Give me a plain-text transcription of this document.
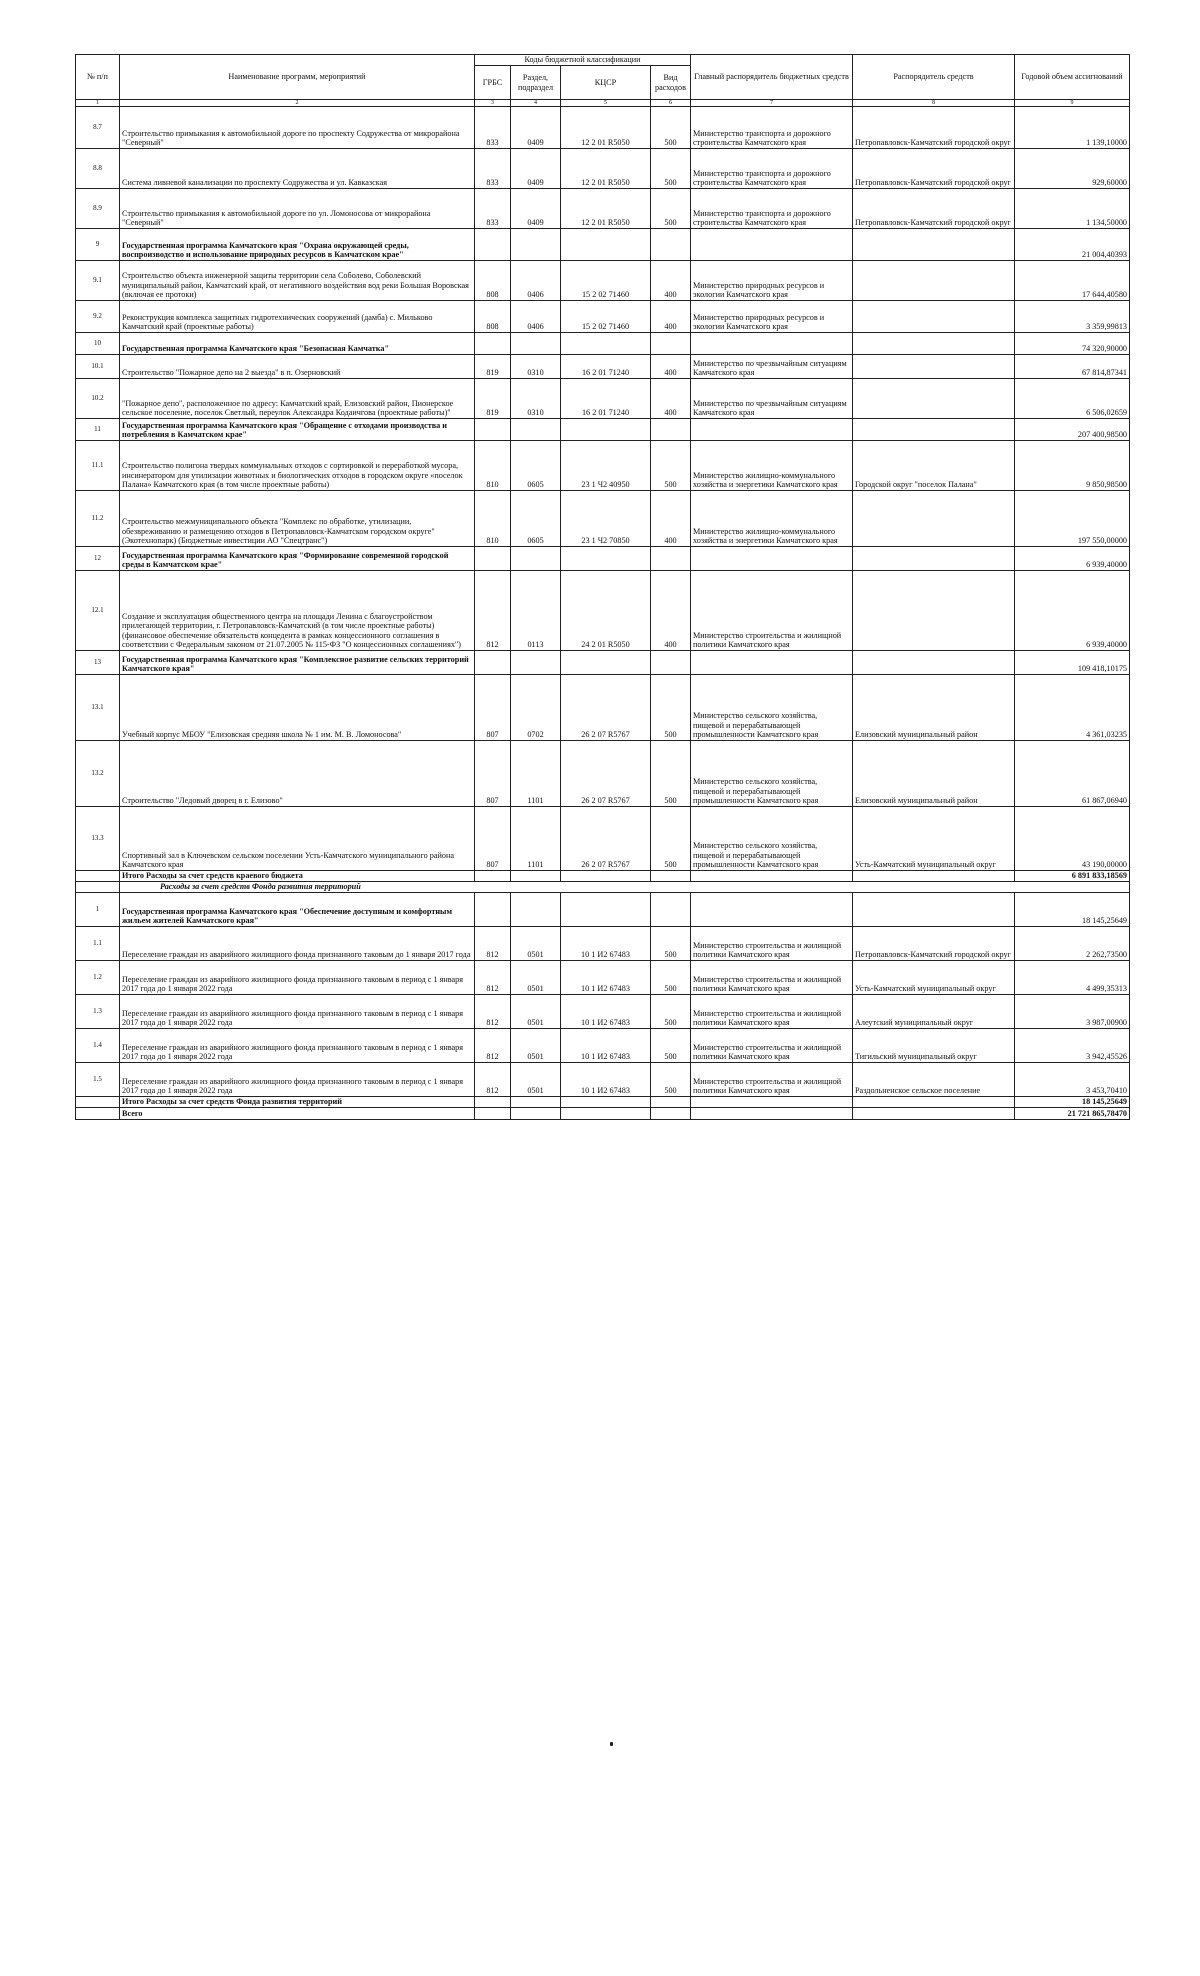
№ п/п	Наименование программ, мероприятий	Коды бюджетной классификации				Главный распорядитель бюджетных средств	Распорядитель средств	Годовой объем ассигнований
		ГРБС	Раздел, подраздел	КЦСР	Вид расходов			
1	2	3	4	5	6	7	8	9
8.7	Строительство примыкания к автомобильной дороге по проспекту Содружества от микрорайона "Северный"	833	0409	12 2 01 R5050	500	Министерство транспорта и дорожного строительства Камчатского края	Петропавловск-Камчатский городской округ	1 139,10000
8.8	Система ливневой канализации по проспекту Содружества и ул. Кавказская	833	0409	12 2 01 R5050	500	Министерство транспорта и дорожного строительства Камчатского края	Петропавловск-Камчатский городской округ	929,60000
8.9	Строительство примыкания к автомобильной дороге по ул. Ломоносова от микрорайона "Северный"	833	0409	12 2 01 R5050	500	Министерство транспорта и дорожного строительства Камчатского края	Петропавловск-Камчатский городской округ	1 134,50000
9	Государственная программа Камчатского края "Охрана окружающей среды, воспроизводство и использование природных ресурсов в Камчатском крае"							21 004,40393
9.1	Строительство объекта инженерной защиты территории села Соболево, Соболевский муниципальный район, Камчатский край, от негативного воздействия вод реки Большая Воровская (включая ее протоки)	808	0406	15 2 02 71460	400	Министерство природных ресурсов и экологии Камчатского края		17 644,40580
9.2	Реконструкция комплекса защитных гидротехнических сооружений (дамба) с. Мильково Камчатский край (проектные работы)	808	0406	15 2 02 71460	400	Министерство природных ресурсов и экологии Камчатского края		3 359,99813
10	Государственная программа Камчатского края "Безопасная Камчатка"							74 320,90000
10.1	Строительство "Пожарное депо на 2 выезда" в п. Озерновский	819	0310	16 2 01 71240	400	Министерство по чрезвычайным ситуациям Камчатского края		67 814,87341
10.2	"Пожарное депо", расположенное по адресу: Камчатский край, Елизовский район, Пионерское сельское поселение, поселок Светлый, переулок Александра Кодаичгова (проектные работы)"	819	0310	16 2 01 71240	400	Министерство по чрезвычайным ситуациям Камчатского края		6 506,02659
11	Государственная программа Камчатского края "Обращение с отходами производства и потребления в Камчатском крае"							207 400,98500
11.1	Строительство полигона твердых коммунальных отходов с сортировкой и переработкой мусора, инсинератором для утилизации животных и биологических отходов в городском округе «поселок Палана» Камчатского края (в том числе проектные работы)	810	0605	23 1 Ч2 40950	500	Министерство жилищно-коммунального хозяйства и энергетики Камчатского края	Городской округ "поселок Палана"	9 850,98500
11.2	Строительство межмуниципального объекта "Комплекс по обработке, утилизации, обезвреживанию и размещению отходов в Петропавловск-Камчатском городском округе" (Экотехнопарк) (Бюджетные инвестиции АО "Спецтранс")	810	0605	23 1 Ч2 70850	400	Министерство жилищно-коммунального хозяйства и энергетики Камчатского края		197 550,00000
12	Государственная программа Камчатского края "Формирование современной городской среды в Камчатском крае"							6 939,40000
12.1	Создание и эксплуатация общественного центра на площади Ленина с благоустройством прилегающей территории, г. Петропавловск-Камчатский (в том числе проектные работы) (финансовое обеспечение обязательств концедента в рамках концессионного соглашения в соответствии с Федеральным законом от 21.07.2005 № 115-ФЗ "О концессионных соглашениях")	812	0113	24 2 01 R5050	400	Министерство строительства и жилищной политики Камчатского края		6 939,40000
13	Государственная программа Камчатского края "Комплексное развитие сельских территорий Камчатского края"							109 418,10175
13.1	Учебный корпус МБОУ "Елизовская средняя школа № 1 им. М. В. Ломоносова"	807	0702	26 2 07 R5767	500	Министерство сельского хозяйства, пищевой и перерабатывающей промышленности Камчатского края	Елизовский муниципальный район	4 361,03235
13.2	Строительство "Ледовый дворец в г. Елизово"	807	1101	26 2 07 R5767	500	Министерство сельского хозяйства, пищевой и перерабатывающей промышленности Камчатского края	Елизовский муниципальный район	61 867,06940
13.3	Спортивный зал в Ключевском сельском поселении Усть-Камчатского муниципального района Камчатского края	807	1101	26 2 07 R5767	500	Министерство сельского хозяйства, пищевой и перерабатывающей промышленности Камчатского края	Усть-Камчатский муниципальный округ	43 190,00000
	Итого Расходы за счет средств краевого бюджета							6 891 833,18569
	Расходы за счет средств Фонда развития территорий							
1	Государственная программа Камчатского края "Обеспечение доступным и комфортным жильем жителей Камчатского края"							18 145,25649
1.1	Переселение граждан из аварийного жилищного фонда признанного таковым до 1 января 2017 года	812	0501	10 1 И2 67483	500	Министерство строительства и жилищной политики Камчатского края	Петропавловск-Камчатский городской округ	2 262,73500
1.2	Переселение граждан из аварийного жилищного фонда признанного таковым в период с 1 января 2017 года до 1 января 2022 года	812	0501	10 1 И2 67483	500	Министерство строительства и жилищной политики Камчатского края	Усть-Камчатский муниципальный округ	4 499,35313
1.3	Переселение граждан из аварийного жилищного фонда признанного таковым в период с 1 января 2017 года до 1 января 2022 года	812	0501	10 1 И2 67483	500	Министерство строительства и жилищной политики Камчатского края	Алеутский муниципальный округ	3 987,00900
1.4	Переселение граждан из аварийного жилищного фонда признанного таковым в период с 1 января 2017 года до 1 января 2022 года	812	0501	10 1 И2 67483	500	Министерство строительства и жилищной политики Камчатского края	Тигильский муниципальный округ	3 942,45526
1.5	Переселение граждан из аварийного жилищного фонда признанного таковым в период с 1 января 2017 года до 1 января 2022 года	812	0501	10 1 И2 67483	500	Министерство строительства и жилищной политики Камчатского края	Раздольненское сельское поселение	3 453,70410
	Итого Расходы за счет средств Фонда развития территорий							18 145,25649
	Всего							21 721 865,78470
